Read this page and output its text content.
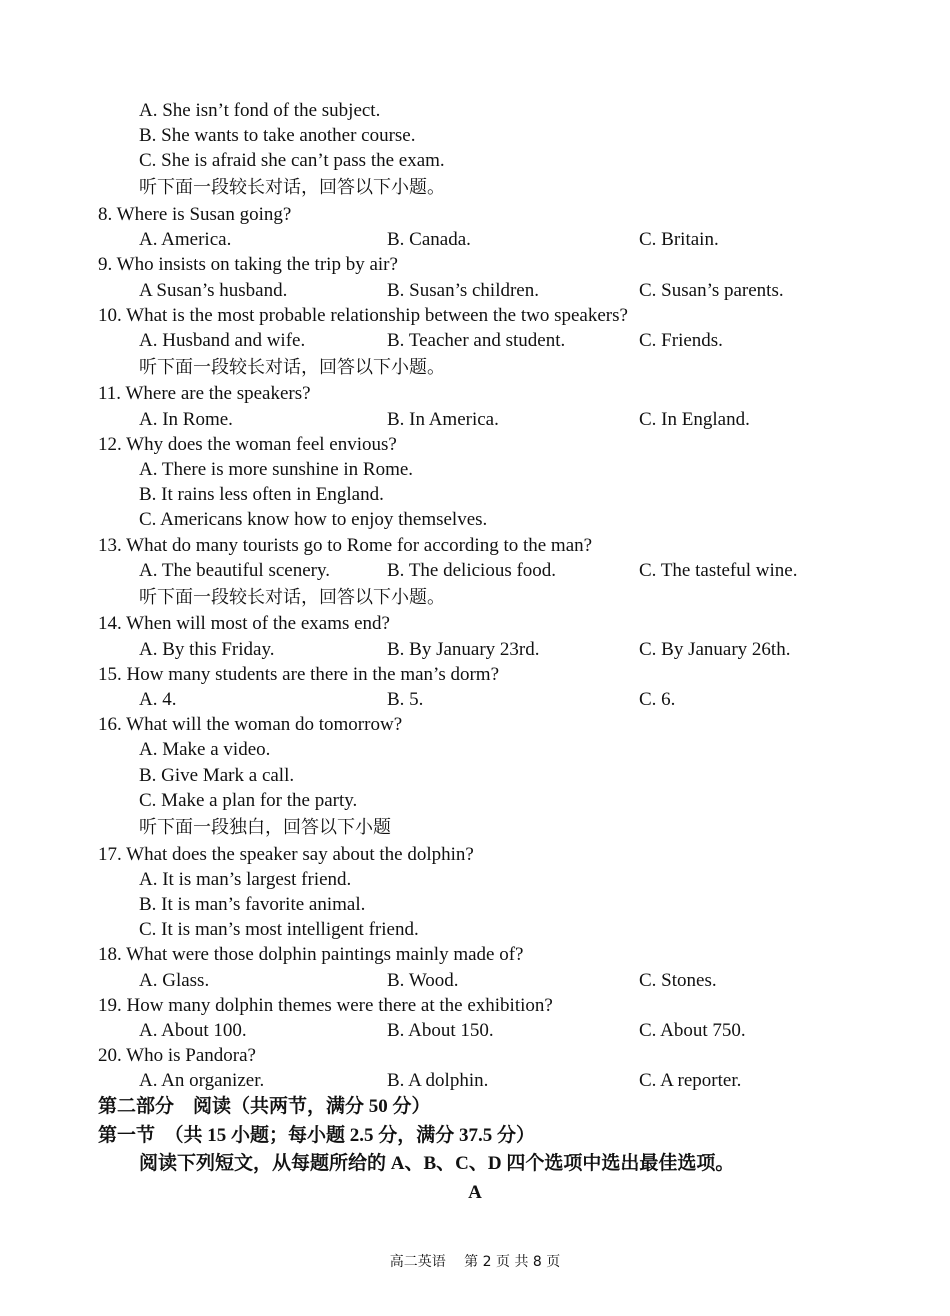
A. She isn’t fond of the subject.
B. She wants to take another course.
C. She is afraid she can’t pass the exam.
听下面一段较长对话，回答以下小题。
8. Where is Susan going?
A. America.	B. Canada.	C. Britain.
9. Who insists on taking the trip by air?
A Susan’s husband.	B. Susan’s children.	C. Susan’s parents.
10. What is the most probable relationship between the two speakers?
A. Husband and wife.	B. Teacher and student.	C. Friends.
听下面一段较长对话，回答以下小题。
11. Where are the speakers?
A. In Rome.	B. In America.	C. In England.
12. Why does the woman feel envious?
A. There is more sunshine in Rome.
B. It rains less often in England.
C. Americans know how to enjoy themselves.
13. What do many tourists go to Rome for according to the man?
A. The beautiful scenery.	B. The delicious food.	C. The tasteful wine.
听下面一段较长对话，回答以下小题。
14. When will most of the exams end?
A. By this Friday.	B. By January 23rd.	C. By January 26th.
15. How many students are there in the man’s dorm?
A. 4.	B. 5.	C. 6.
16. What will the woman do tomorrow?
A. Make a video.
B. Give Mark a call.
C. Make a plan for the party.
听下面一段独白，回答以下小题
17. What does the speaker say about the dolphin?
A. It is man’s largest friend.
B. It is man’s favorite animal.
C. It is man’s most intelligent friend.
18. What were those dolphin paintings mainly made of?
A. Glass.	B. Wood.	C. Stones.
19. How many dolphin themes were there at the exhibition?
A. About 100.	B. About 150.	C. About 750.
20. Who is Pandora?
A. An organizer.	B. A dolphin.	C. A reporter.
第二部分　阅读（共两节，满分 50 分）
第一节　（共 15 小题；每小题 2.5 分，满分 37.5 分）
阅读下列短文，从每题所给的 A、B、C、D 四个选项中选出最佳选项。
A
高二英语　 第 2 页 共 8 页
